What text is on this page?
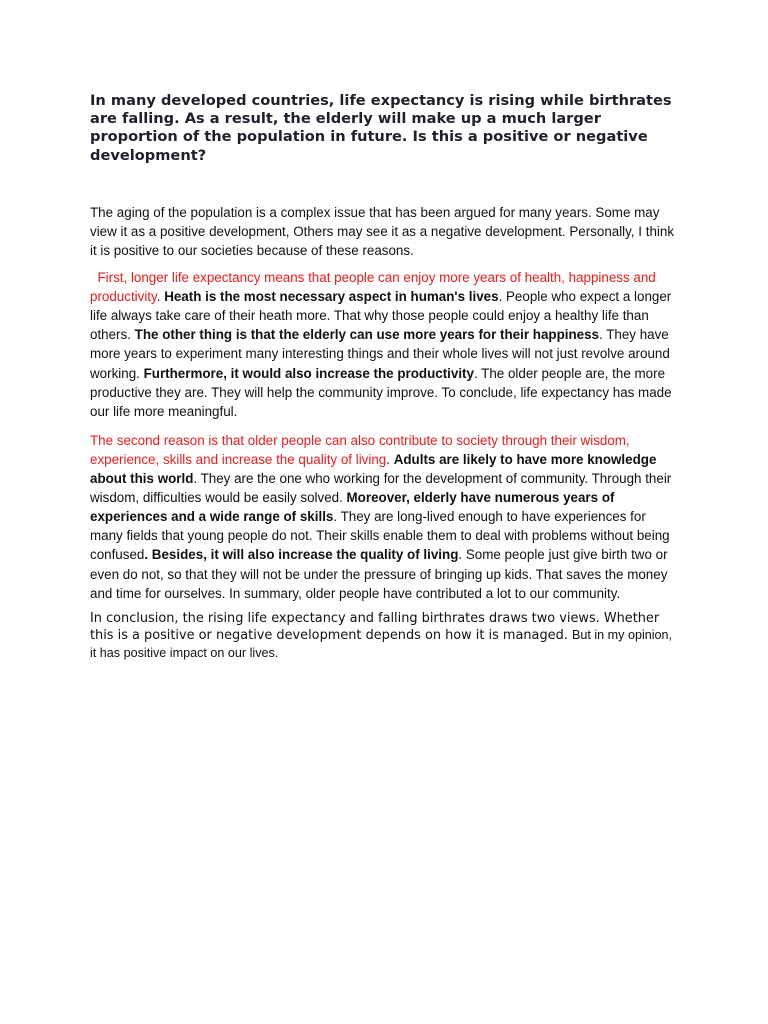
In many developed countries, life expectancy is rising while birthrates are falling. As a result, the elderly will make up a much larger proportion of the population in future. Is this a positive or negative development?

The aging of the population is a complex issue that has been argued for many years. Some may view it as a positive development, Others may see it as a negative development. Personally, I think it is positive to our societies because of these reasons.

First, longer life expectancy means that people can enjoy more years of health, happiness and productivity. Heath is the most necessary aspect in human's lives. People who expect a longer life always take care of their heath more. That why those people could enjoy a healthy life than others. The other thing is that the elderly can use more years for their happiness. They have more years to experiment many interesting things and their whole lives will not just revolve around working. Furthermore, it would also increase the productivity. The older people are, the more productive they are. They will help the community improve. To conclude, life expectancy has made our life more meaningful.

The second reason is that older people can also contribute to society through their wisdom, experience, skills and increase the quality of living. Adults are likely to have more knowledge about this world. They are the one who working for the development of community. Through their wisdom, difficulties would be easily solved. Moreover, elderly have numerous years of experiences and a wide range of skills. They are long-lived enough to have experiences for many fields that young people do not. Their skills enable them to deal with problems without being confused. Besides, it will also increase the quality of living. Some people just give birth two or even do not, so that they will not be under the pressure of bringing up kids. That saves the money and time for ourselves. In summary, older people have contributed a lot to our community.

In conclusion, the rising life expectancy and falling birthrates draws two views. Whether this is a positive or negative development depends on how it is managed. But in my opinion, it has positive impact on our lives.
